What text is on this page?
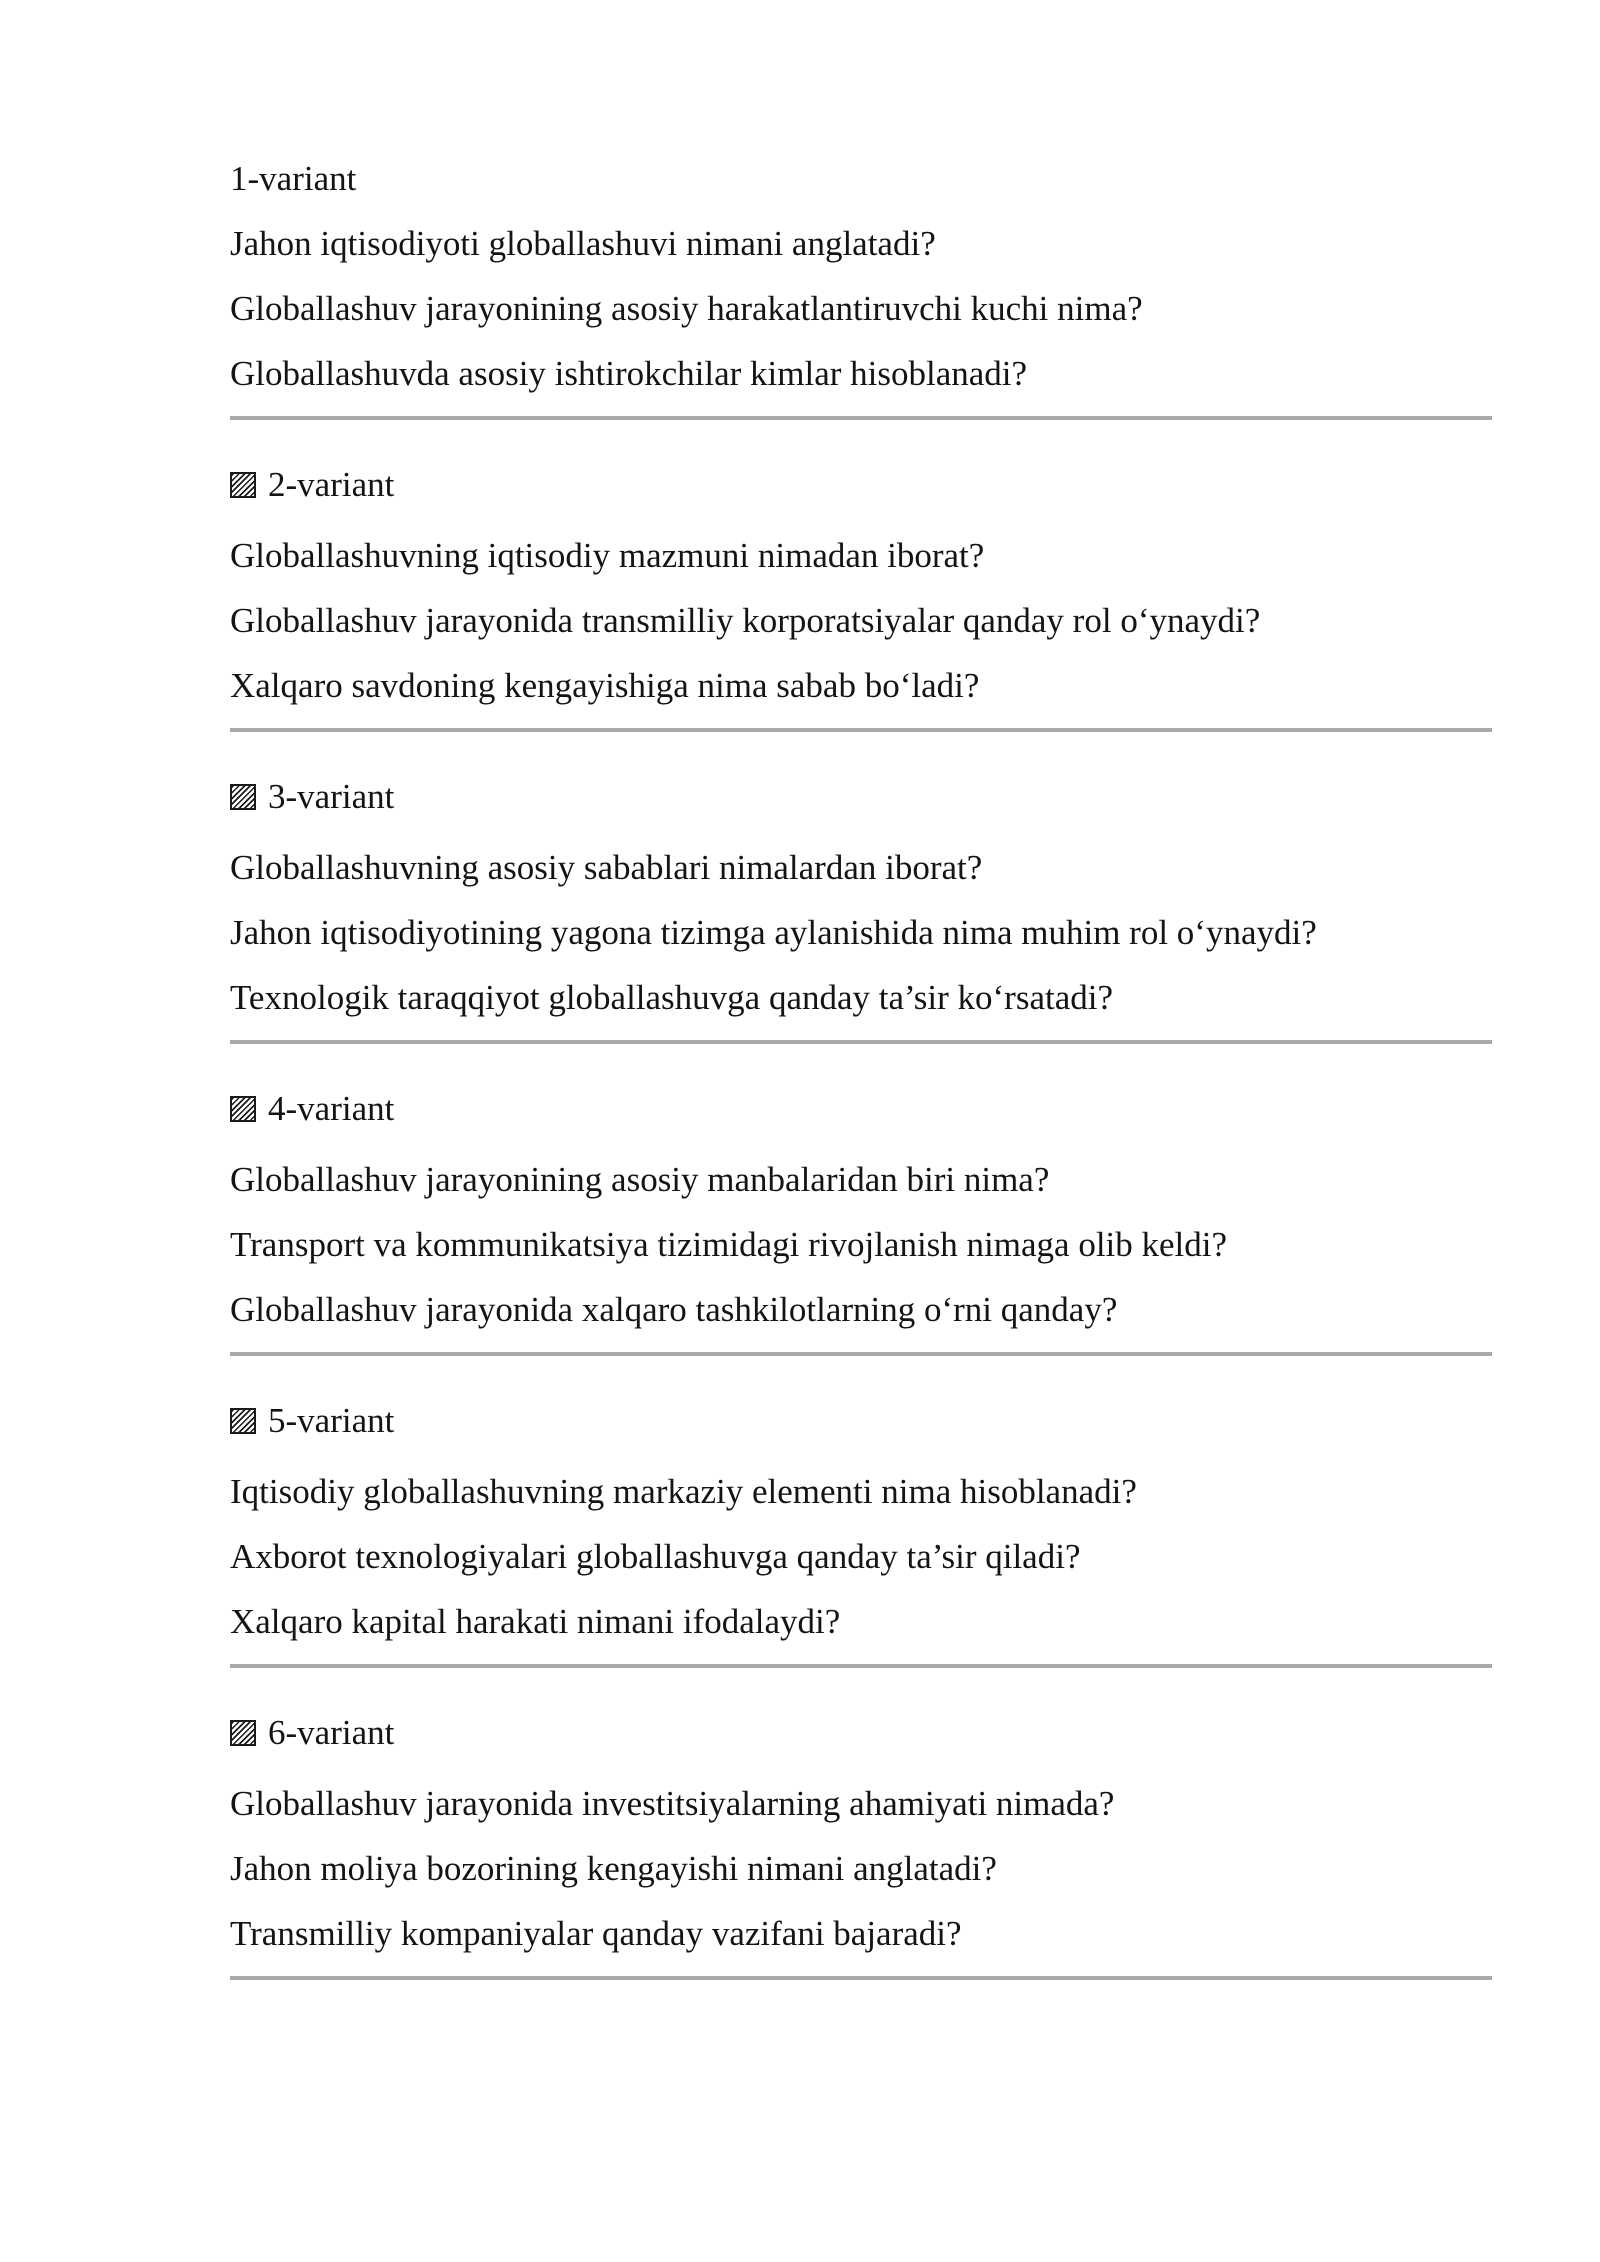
1-variant
Jahon iqtisodiyoti globallashuvi nimani anglatadi?
Globallashuv jarayonining asosiy harakatlantiruvchi kuchi nima?
Globallashuvda asosiy ishtirokchilar kimlar hisoblanadi?
2-variant
Globallashuvning iqtisodiy mazmuni nimadan iborat?
Globallashuv jarayonida transmilliy korporatsiyalar qanday rol o‘ynaydi?
Xalqaro savdoning kengayishiga nima sabab bo‘ladi?
3-variant
Globallashuvning asosiy sabablari nimalardan iborat?
Jahon iqtisodiyotining yagona tizimga aylanishida nima muhim rol o‘ynaydi?
Texnologik taraqqiyot globallashuvga qanday ta’sir ko‘rsatadi?
4-variant
Globallashuv jarayonining asosiy manbalaridan biri nima?
Transport va kommunikatsiya tizimidagi rivojlanish nimaga olib keldi?
Globallashuv jarayonida xalqaro tashkilotlarning o‘rni qanday?
5-variant
Iqtisodiy globallashuvning markaziy elementi nima hisoblanadi?
Axborot texnologiyalari globallashuvga qanday ta’sir qiladi?
Xalqaro kapital harakati nimani ifodalaydi?
6-variant
Globallashuv jarayonida investitsiyalarning ahamiyati nimada?
Jahon moliya bozorining kengayishi nimani anglatadi?
Transmilliy kompaniyalar qanday vazifani bajaradi?
